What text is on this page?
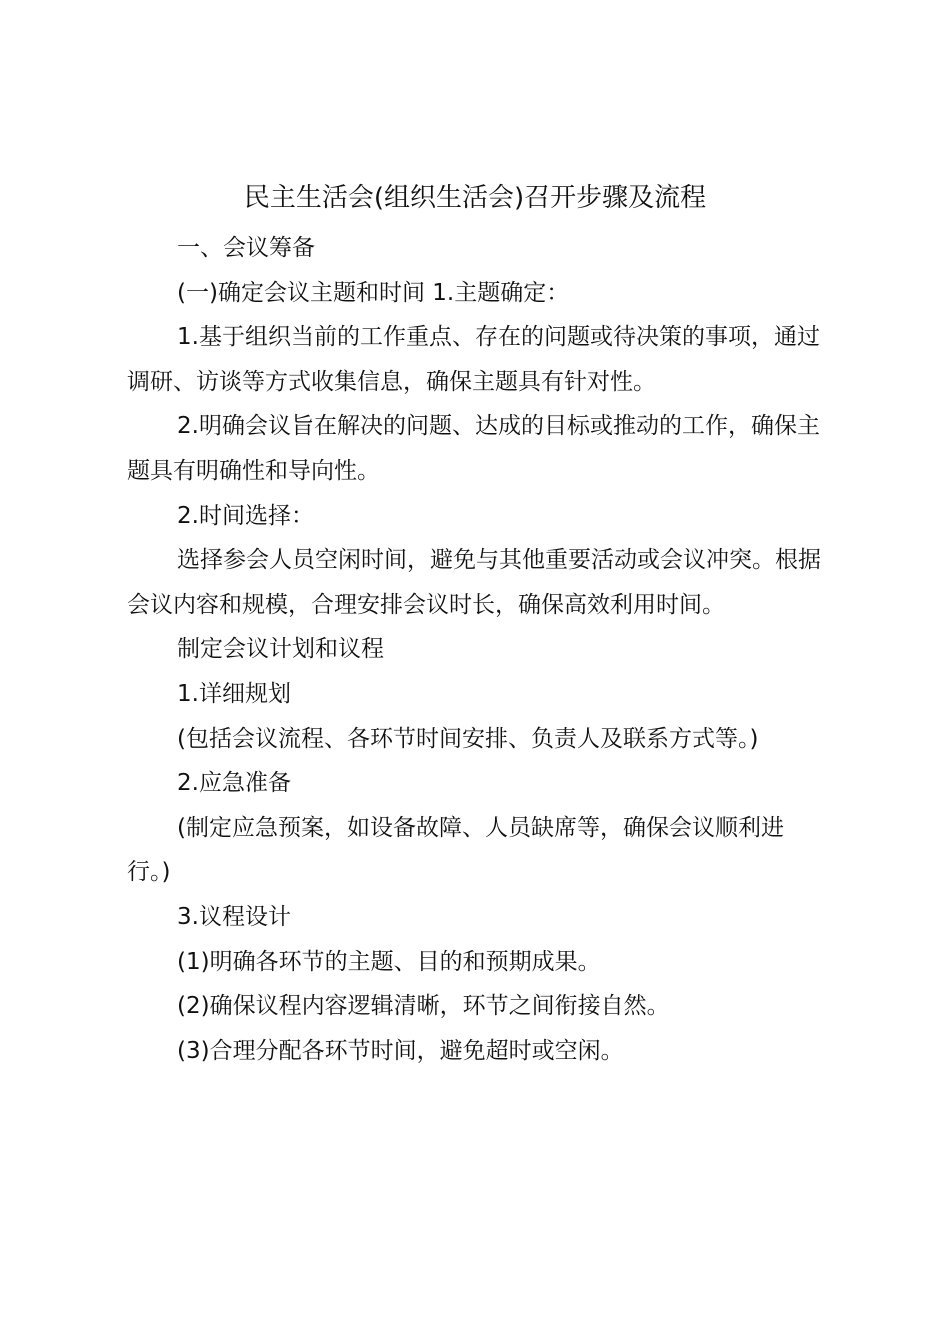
民主生活会(组织生活会)召开步骤及流程

一、会议筹备

(一)确定会议主题和时间 1.主题确定：

1.基于组织当前的工作重点、存在的问题或待决策的事项，通过调研、访谈等方式收集信息，确保主题具有针对性。

2.明确会议旨在解决的问题、达成的目标或推动的工作，确保主题具有明确性和导向性。

2.时间选择：

选择参会人员空闲时间，避免与其他重要活动或会议冲突。根据会议内容和规模，合理安排会议时长，确保高效利用时间。

制定会议计划和议程

1.详细规划

(包括会议流程、各环节时间安排、负责人及联系方式等。)

2.应急准备

(制定应急预案，如设备故障、人员缺席等，确保会议顺利进行。)

3.议程设计

(1)明确各环节的主题、目的和预期成果。

(2)确保议程内容逻辑清晰，环节之间衔接自然。

(3)合理分配各环节时间，避免超时或空闲。
